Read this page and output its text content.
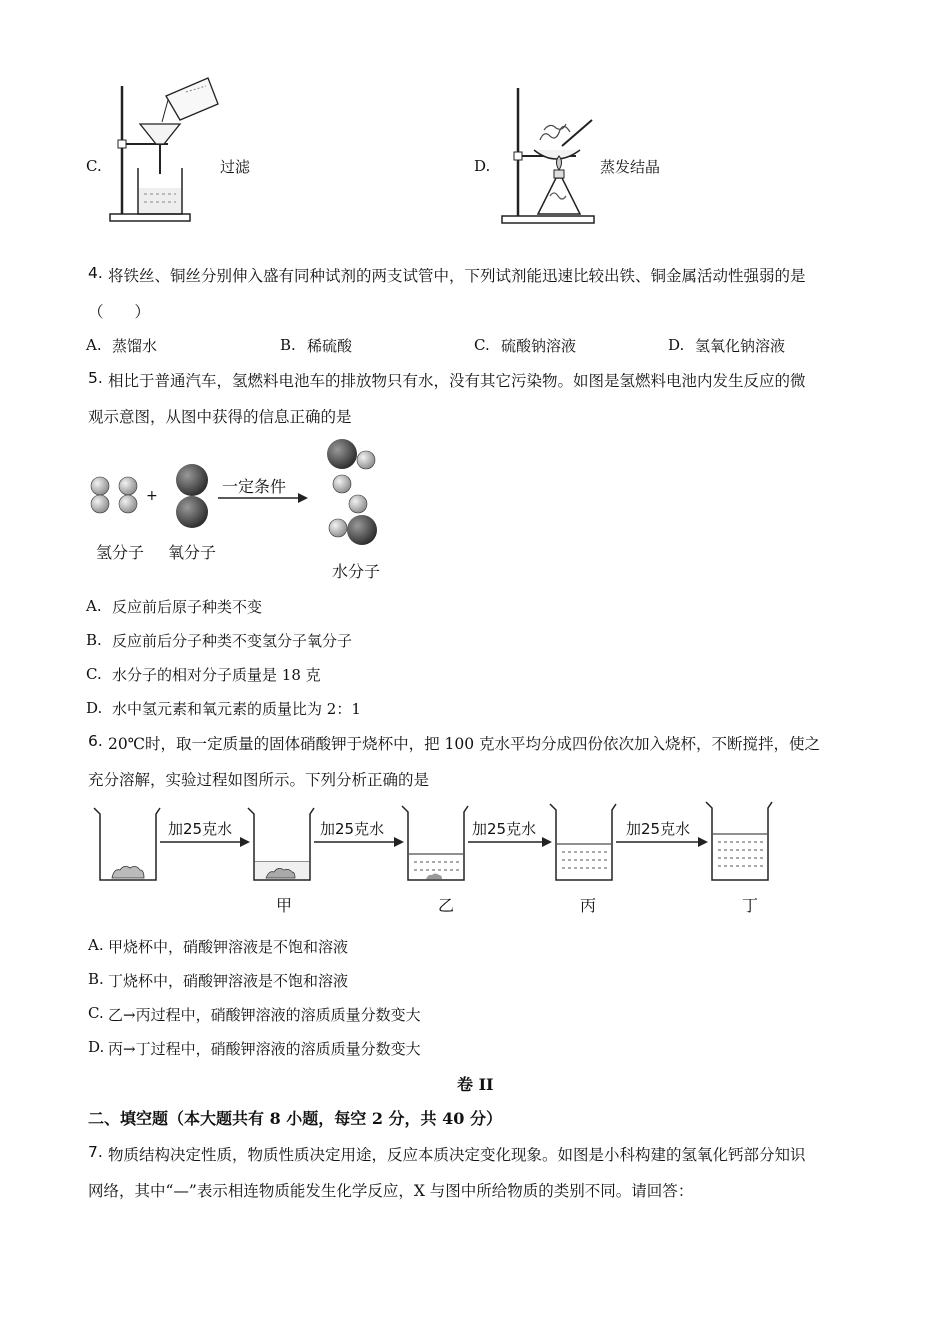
C.	过滤	D.	蒸发结晶
4. 将铁丝、铜丝分别伸入盛有同种试剂的两支试管中，下列试剂能迅速比较出铁、铜金属活动性强弱的是
（　　）
A. 蒸馏水	B. 稀硫酸	C. 硫酸钠溶液	D. 氢氧化钠溶液
5. 相比于普通汽车，氢燃料电池车的排放物只有水，没有其它污染物。如图是氢燃料电池内发生反应的微
观示意图，从图中获得的信息正确的是
+	一定条件
氢分子 氧分子
水分子
A. 反应前后原子种类不变
B. 反应前后分子种类不变氢分子氧分子
C. 水分子的相对分子质量是 18 克
D. 水中氢元素和氧元素的质量比为 2：1
6. 20℃时，取一定质量的固体硝酸钾于烧杯中，把 100 克水平均分成四份依次加入烧杯，不断搅拌，使之
充分溶解，实验过程如图所示。下列分析正确的是
加25克水	加25克水	加25克水	加25克水
甲	乙	丙	丁
A. 甲烧杯中，硝酸钾溶液是不饱和溶液
B. 丁烧杯中，硝酸钾溶液是不饱和溶液
C. 乙→丙过程中，硝酸钾溶液的溶质质量分数变大
D. 丙→丁过程中，硝酸钾溶液的溶质质量分数变大
卷 II
二、填空题（本大题共有 8 小题，每空 2 分，共 40 分）
7. 物质结构决定性质，物质性质决定用途，反应本质决定变化现象。如图是小科构建的氢氧化钙部分知识
网络，其中“—”表示相连物质能发生化学反应，X 与图中所给物质的类别不同。请回答：
